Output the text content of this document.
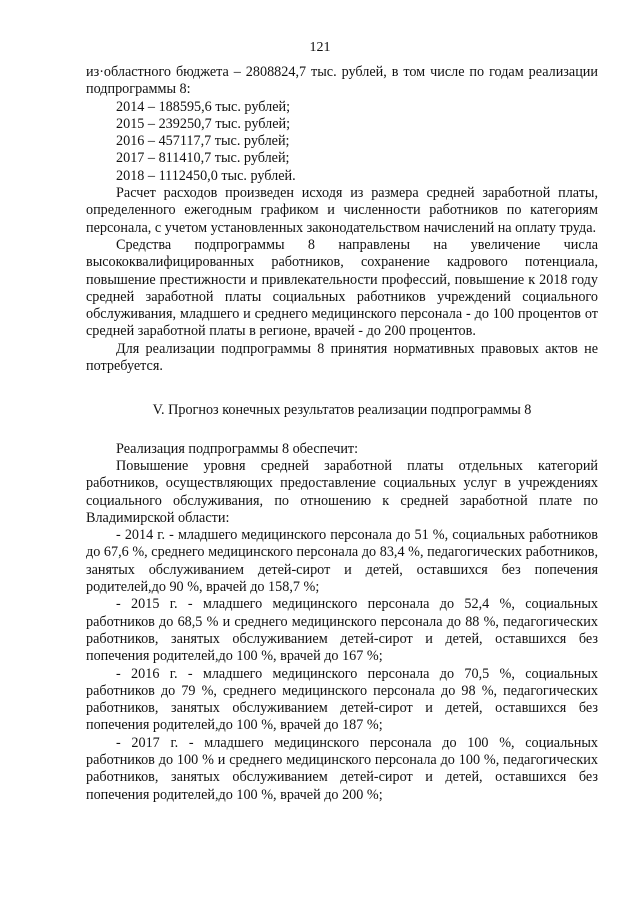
121

из·областного бюджета – 2808824,7 тыс. рублей, в том числе по годам реализации подпрограммы 8:

2014 – 188595,6 тыс. рублей;

2015 – 239250,7 тыс. рублей;

2016 – 457117,7 тыс. рублей;

2017 – 811410,7 тыс. рублей;

2018 – 1112450,0 тыс. рублей.

Расчет расходов произведен исходя из размера средней заработной платы, определенного ежегодным графиком и численности работников по категориям персонала, с учетом установленных законодательством начислений на оплату труда.

Средства подпрограммы 8 направлены на увеличение числа высококвалифицированных работников, сохранение кадрового потенциала, повышение престижности и привлекательности профессий, повышение к 2018 году средней заработной платы социальных работников учреждений социального обслуживания, младшего и среднего медицинского персонала - до 100 процентов от средней заработной платы в регионе, врачей - до 200 процентов.

Для реализации подпрограммы 8 принятия нормативных правовых актов не потребуется.

V. Прогноз конечных результатов реализации подпрограммы 8

Реализация подпрограммы 8 обеспечит:

Повышение уровня средней заработной платы отдельных категорий работников, осуществляющих предоставление социальных услуг в учреждениях социального обслуживания, по отношению к средней заработной плате по Владимирской области:

- 2014 г. - младшего медицинского персонала до 51 %, социальных работников до 67,6 %, среднего медицинского персонала до 83,4 %, педагогических работников, занятых обслуживанием детей-сирот и детей, оставшихся без попечения родителей,до 90 %, врачей до 158,7 %;

- 2015 г. - младшего медицинского персонала до 52,4 %, социальных работников до 68,5 % и среднего медицинского персонала до 88 %, педагогических работников, занятых обслуживанием детей-сирот и детей, оставшихся без попечения родителей,до 100 %, врачей до 167 %;

- 2016 г. - младшего медицинского персонала до 70,5 %, социальных работников до 79 %, среднего медицинского персонала до 98 %, педагогических работников, занятых обслуживанием детей-сирот и детей, оставшихся без попечения родителей,до 100 %, врачей до 187 %;

- 2017 г. - младшего медицинского персонала до 100 %, социальных работников до 100 % и среднего медицинского персонала до 100 %, педагогических работников, занятых обслуживанием детей-сирот и детей, оставшихся без попечения родителей,до 100 %, врачей до 200 %;
